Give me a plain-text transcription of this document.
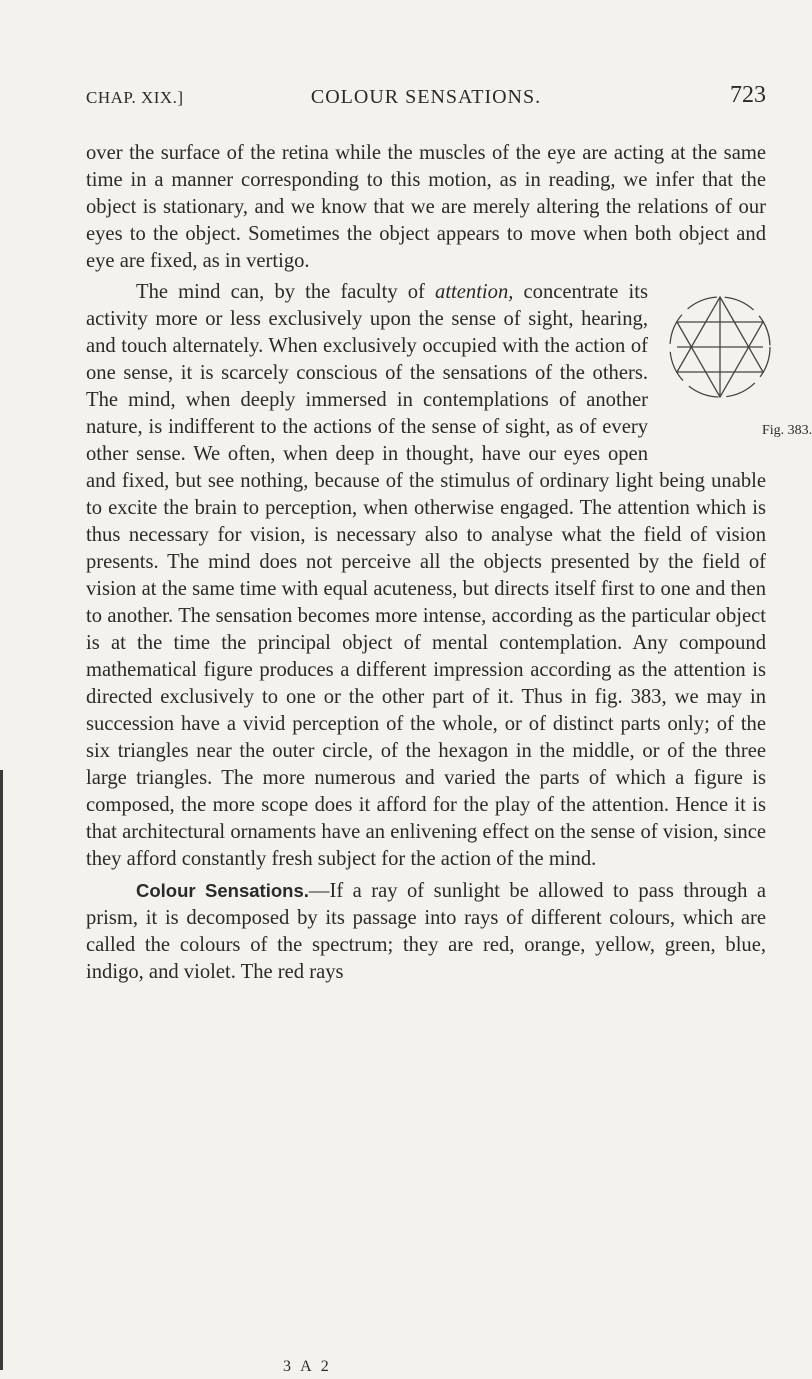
CHAP. XIX.]	COLOUR SENSATIONS.	723

over the surface of the retina while the muscles of the eye are acting at the same time in a manner corresponding to this motion, as in reading, we infer that the object is stationary, and we know that we are merely altering the relations of our eyes to the object. Sometimes the object appears to move when both object and eye are fixed, as in vertigo.

Fig. 383.
The mind can, by the faculty of attention, concentrate its activity more or less exclusively upon the sense of sight, hearing, and touch alternately. When exclusively occupied with the action of one sense, it is scarcely conscious of the sensations of the others. The mind, when deeply immersed in contemplations of another nature, is indifferent to the actions of the sense of sight, as of every other sense. We often, when deep in thought, have our eyes open and fixed, but see nothing, because of the stimulus of ordinary light being unable to excite the brain to perception, when otherwise engaged. The attention which is thus necessary for vision, is necessary also to analyse what the field of vision presents. The mind does not perceive all the objects presented by the field of vision at the same time with equal acuteness, but directs itself first to one and then to another. The sensation becomes more intense, according as the particular object is at the time the principal object of mental contemplation. Any compound mathematical figure produces a different impression according as the attention is directed exclusively to one or the other part of it. Thus in fig. 383, we may in succession have a vivid perception of the whole, or of distinct parts only; of the six triangles near the outer circle, of the hexagon in the middle, or of the three large triangles. The more numerous and varied the parts of which a figure is composed, the more scope does it afford for the play of the attention. Hence it is that architectural ornaments have an enlivening effect on the sense of vision, since they afford constantly fresh subject for the action of the mind.

Colour Sensations.—If a ray of sunlight be allowed to pass through a prism, it is decomposed by its passage into rays of different colours, which are called the colours of the spectrum; they are red, orange, yellow, green, blue, indigo, and violet. The red rays

3 A 2
